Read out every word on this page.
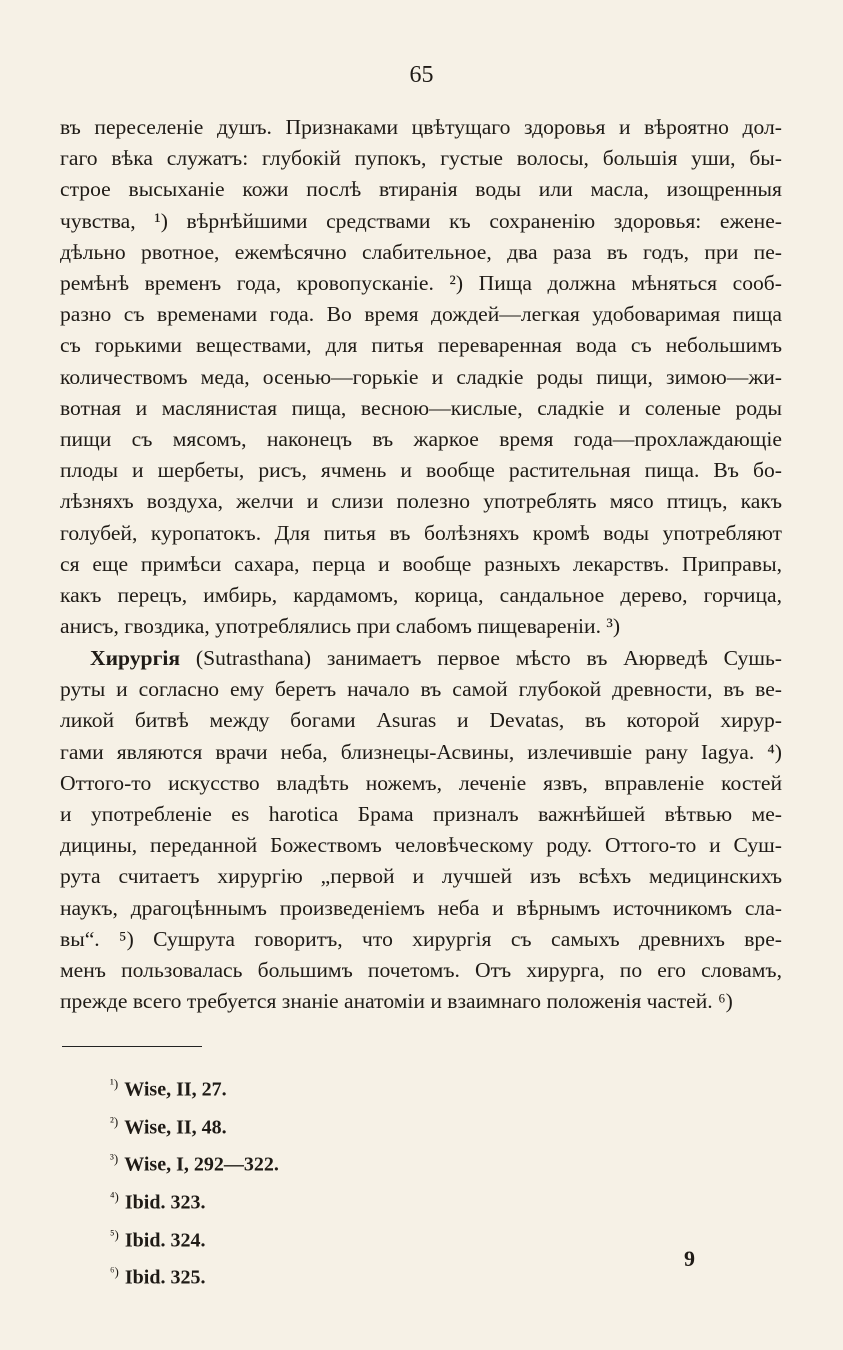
65
въ переселеніе душъ. Признаками цвѣтущаго здоровья и вѣроятно дол-
гаго вѣка служатъ: глубокій пупокъ, густые волосы, большія уши, бы-
строе высыханіе кожи послѣ втиранія воды или масла, изощренныя
чувства, ¹) вѣрнѣйшими средствами къ сохраненію здоровья: ежене-
дѣльно рвотное, ежемѣсячно слабительное, два раза въ годъ, при пе-
ремѣнѣ временъ года, кровопусканіе. ²) Пища должна мѣняться сооб-
разно съ временами года. Во время дождей—легкая удобоваримая пища
съ горькими веществами, для питья переваренная вода съ небольшимъ
количествомъ меда, осенью—горькіе и сладкіе роды пищи, зимою—жи-
вотная и маслянистая пища, весною—кислые, сладкіе и соленые роды
пищи съ мясомъ, наконецъ въ жаркое время года—прохлаждающіе
плоды и шербеты, рисъ, ячмень и вообще растительная пища. Въ бо-
лѣзняхъ воздуха, желчи и слизи полезно употреблять мясо птицъ, какъ
голубей, куропатокъ. Для питья въ болѣзняхъ кромѣ воды употребляют
ся еще примѣси сахара, перца и вообще разныхъ лекарствъ. Приправы,
какъ перецъ, имбирь, кардамомъ, корица, сандальное дерево, горчица,
анисъ, гвоздика, употреблялись при слабомъ пищевареніи. ³)
Хирургія (Sutrasthana) занимаетъ первое мѣсто въ Аюрведѣ Сушь-
руты и согласно ему беретъ начало въ самой глубокой древности, въ ве-
ликой битвѣ между богами Asuras и Devatas, въ которой хирур-
гами являются врачи неба, близнецы-Асвины, излечившіе рану Iagya. ⁴)
Оттого-то искусство владѣть ножемъ, леченіе язвъ, вправленіе костей
и употребленіе es harotica Брама призналъ важнѣйшей вѣтвью ме-
дицины, переданной Божествомъ человѣческому роду. Оттого-то и Суш-
рута считаетъ хирургію „первой и лучшей изъ всѣхъ медицинскихъ
наукъ, драгоцѣннымъ произведеніемъ неба и вѣрнымъ источникомъ сла-
вы“. ⁵) Сушрута говоритъ, что хирургія съ самыхъ древнихъ вре-
менъ пользовалась большимъ почетомъ. Отъ хирурга, по его словамъ,
прежде всего требуется знаніе анатоміи и взаимнаго положенія частей. ⁶)
$^{^1)}$ Wise, II, 27.
$^{^2)}$ Wise, II, 48.
$^{^3)}$ Wise, I, 292—322.
$^{^4)}$ Ibid. 323.
$^{^5)}$ Ibid. 324.
$^{^6)}$ Ibid. 325.
9
